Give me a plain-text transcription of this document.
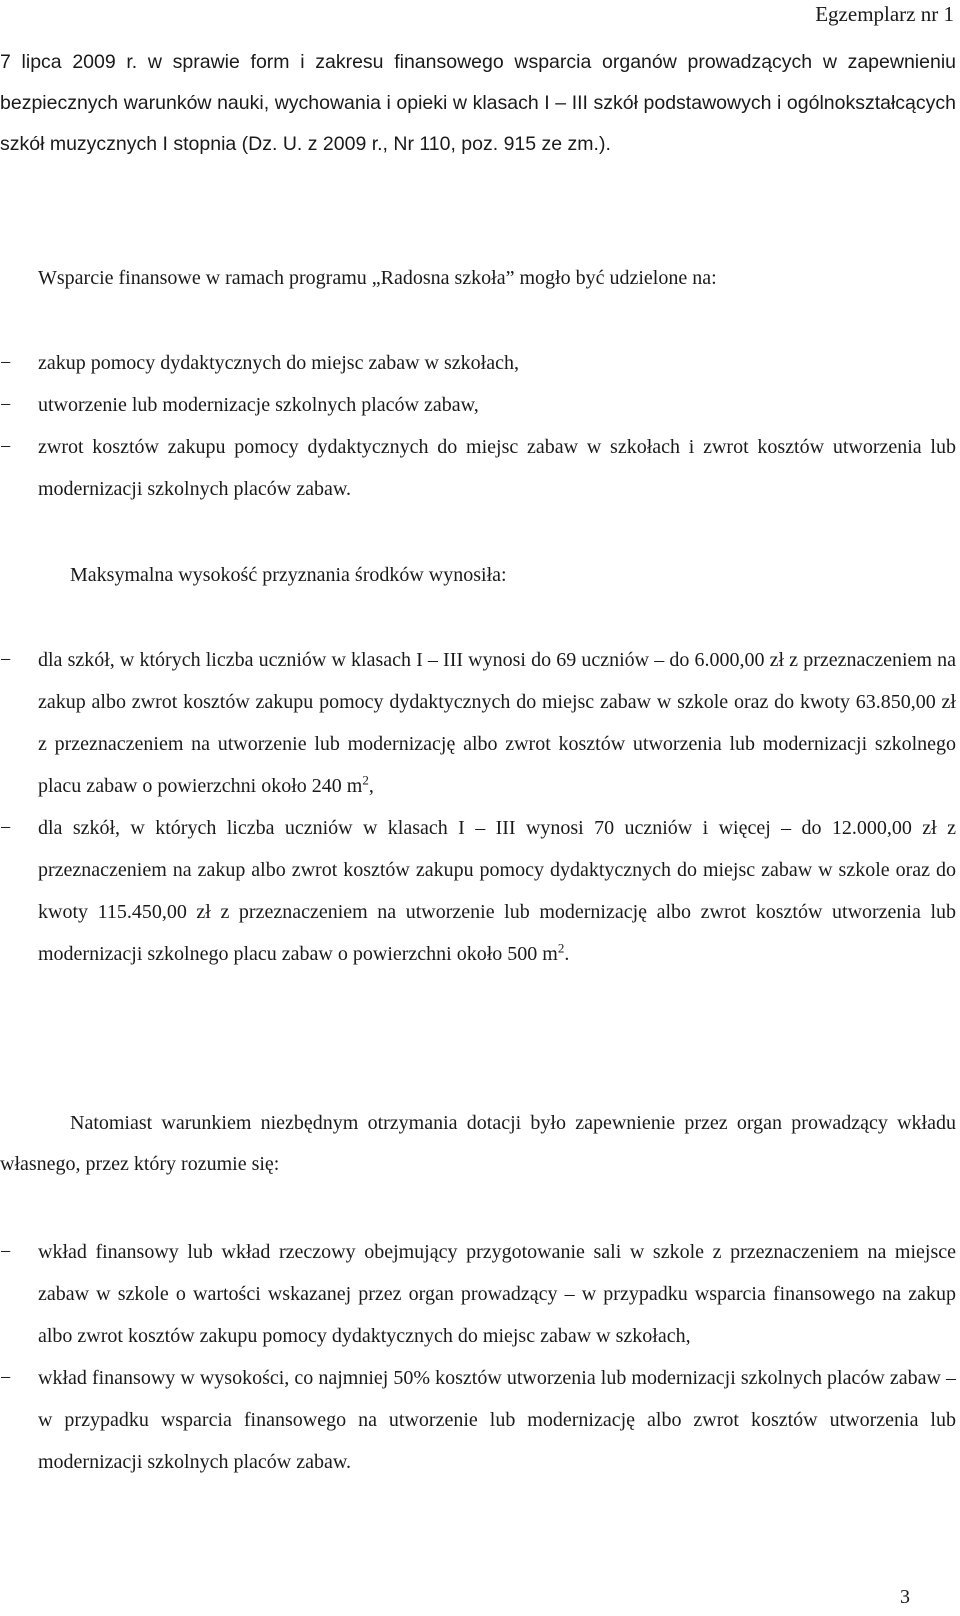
Egzemplarz nr 1
7 lipca 2009 r. w sprawie form i zakresu finansowego wsparcia organów prowadzących w zapewnieniu bezpiecznych warunków nauki, wychowania i opieki w klasach I – III szkół podstawowych i ogólnokształcących szkół muzycznych I stopnia (Dz. U. z 2009 r., Nr 110, poz. 915 ze zm.).
Wsparcie finansowe w ramach programu „Radosna szkoła” mogło być udzielone na:
−	zakup pomocy dydaktycznych do miejsc zabaw w szkołach,
−	utworzenie lub modernizacje szkolnych placów zabaw,
−	zwrot kosztów zakupu pomocy dydaktycznych do miejsc zabaw w szkołach i zwrot kosztów utworzenia lub modernizacji szkolnych placów zabaw.
Maksymalna wysokość przyznania środków wynosiła:
−	dla szkół, w których liczba uczniów w klasach I – III wynosi do 69 uczniów – do 6.000,00 zł z przeznaczeniem na zakup albo zwrot kosztów zakupu pomocy dydaktycznych do miejsc zabaw w szkole oraz do kwoty 63.850,00 zł z przeznaczeniem na utworzenie lub modernizację albo zwrot kosztów utworzenia lub modernizacji szkolnego placu zabaw o powierzchni około 240 $m^2$,
−	dla szkół, w których liczba uczniów w klasach I – III wynosi 70 uczniów i więcej – do 12.000,00 zł z przeznaczeniem na zakup albo zwrot kosztów zakupu pomocy dydaktycznych do miejsc zabaw w szkole oraz do kwoty 115.450,00 zł z przeznaczeniem na utworzenie lub modernizację albo zwrot kosztów utworzenia lub modernizacji szkolnego placu zabaw o powierzchni około 500 $m^2$.
Natomiast warunkiem niezbędnym otrzymania dotacji było zapewnienie przez organ prowadzący wkładu własnego, przez który rozumie się:
−	wkład finansowy lub wkład rzeczowy obejmujący przygotowanie sali w szkole z przeznaczeniem na miejsce zabaw w szkole o wartości wskazanej przez organ prowadzący – w przypadku wsparcia finansowego na zakup albo zwrot kosztów zakupu pomocy dydaktycznych do miejsc zabaw w szkołach,
−	wkład finansowy w wysokości, co najmniej 50% kosztów utworzenia lub modernizacji szkolnych placów zabaw – w przypadku wsparcia finansowego na utworzenie lub modernizację albo zwrot kosztów utworzenia lub modernizacji szkolnych placów zabaw.
3
